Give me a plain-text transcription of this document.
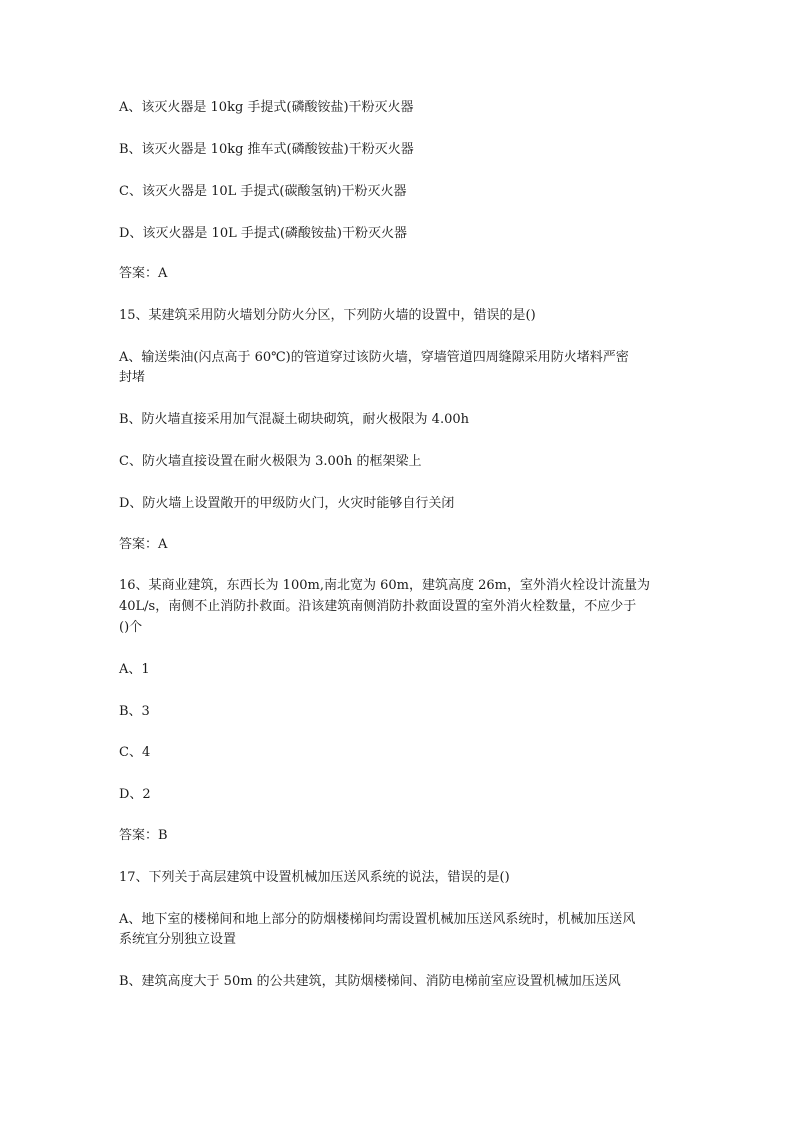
A、该灭火器是 10kg 手提式(磷酸铵盐)干粉灭火器
B、该灭火器是 10kg 推车式(磷酸铵盐)干粉灭火器
C、该灭火器是 10L 手提式(碳酸氢钠)干粉灭火器
D、该灭火器是 10L 手提式(磷酸铵盐)干粉灭火器
答案：A
15、某建筑采用防火墙划分防火分区，下列防火墙的设置中，错误的是()
A、输送柴油(闪点高于 60℃)的管道穿过该防火墙，穿墙管道四周缝隙采用防火堵料严密
封堵
B、防火墙直接采用加气混凝土砌块砌筑，耐火极限为 4.00h
C、防火墙直接设置在耐火极限为 3.00h 的框架梁上
D、防火墙上设置敞开的甲级防火门，火灾时能够自行关闭
答案：A
16、某商业建筑，东西长为 100m,南北宽为 60m，建筑高度 26m，室外消火栓设计流量为
40L/s，南侧不止消防扑救面。沿该建筑南侧消防扑救面设置的室外消火栓数量，不应少于
()个
A、1
B、3
C、4
D、2
答案：B
17、下列关于高层建筑中设置机械加压送风系统的说法，错误的是()
A、地下室的楼梯间和地上部分的防烟楼梯间均需设置机械加压送风系统时，机械加压送风
系统宜分别独立设置
B、建筑高度大于 50m 的公共建筑，其防烟楼梯间、消防电梯前室应设置机械加压送风
